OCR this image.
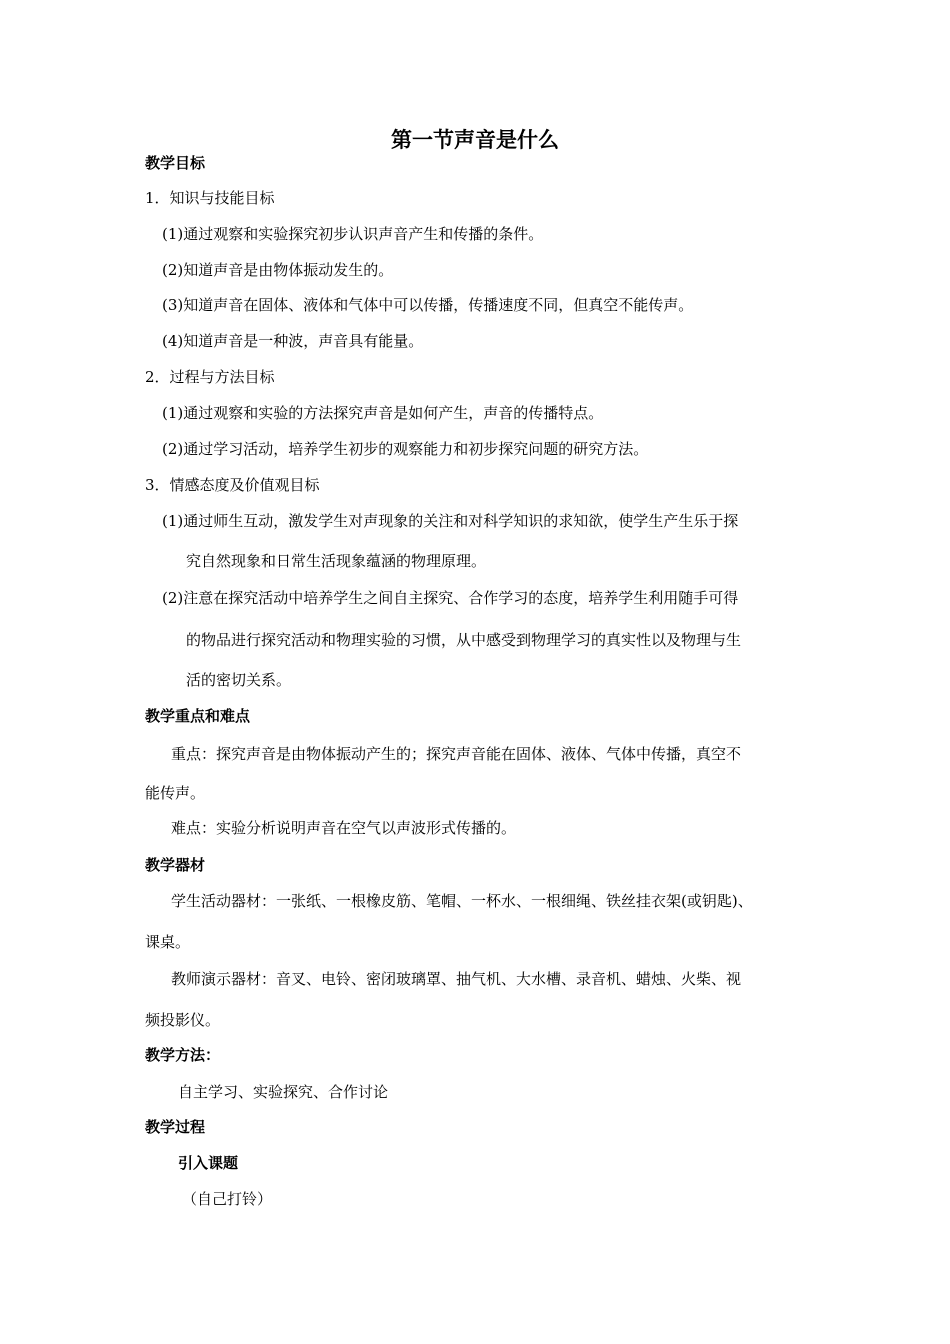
第一节声音是什么
教学目标
1．知识与技能目标
(1)通过观察和实验探究初步认识声音产生和传播的条件。
(2)知道声音是由物体振动发生的。
(3)知道声音在固体、液体和气体中可以传播，传播速度不同，但真空不能传声。
(4)知道声音是一种波，声音具有能量。
2．过程与方法目标
(1)通过观察和实验的方法探究声音是如何产生，声音的传播特点。
(2)通过学习活动，培养学生初步的观察能力和初步探究问题的研究方法。
3．情感态度及价值观目标
(1)通过师生互动，激发学生对声现象的关注和对科学知识的求知欲，使学生产生乐于探
究自然现象和日常生活现象蕴涵的物理原理。
(2)注意在探究活动中培养学生之间自主探究、合作学习的态度，培养学生利用随手可得
的物品进行探究活动和物理实验的习惯，从中感受到物理学习的真实性以及物理与生
活的密切关系。
教学重点和难点
重点：探究声音是由物体振动产生的；探究声音能在固体、液体、气体中传播，真空不
能传声。
难点：实验分析说明声音在空气以声波形式传播的。
教学器材
学生活动器材：一张纸、一根橡皮筋、笔帽、一杯水、一根细绳、铁丝挂衣架(或钥匙)、
课桌。
教师演示器材：音叉、电铃、密闭玻璃罩、抽气机、大水槽、录音机、蜡烛、火柴、视
频投影仪。
教学方法：
自主学习、实验探究、合作讨论
教学过程
引入课题
（自己打铃）
